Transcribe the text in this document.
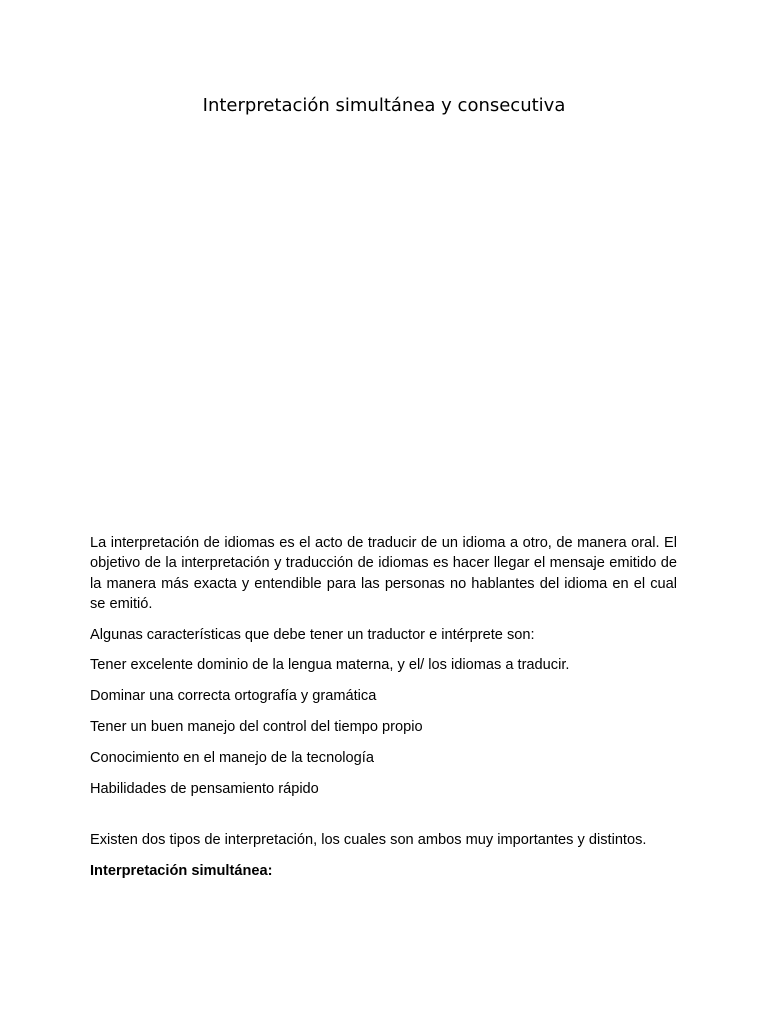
Interpretación simultánea y consecutiva

La interpretación de idiomas es el acto de traducir de un idioma a otro, de manera oral. El objetivo de la interpretación y traducción de idiomas es hacer llegar el mensaje emitido de la manera más exacta y entendible para las personas no hablantes del idioma en el cual se emitió.

Algunas características que debe tener un traductor e intérprete son:

Tener excelente dominio de la lengua materna, y el/ los idiomas a traducir.

Dominar una correcta ortografía y gramática

Tener un buen manejo del control del tiempo propio

Conocimiento en el manejo de la tecnología

Habilidades de pensamiento rápido

Existen dos tipos de interpretación, los cuales son ambos muy importantes y distintos.

Interpretación simultánea:
